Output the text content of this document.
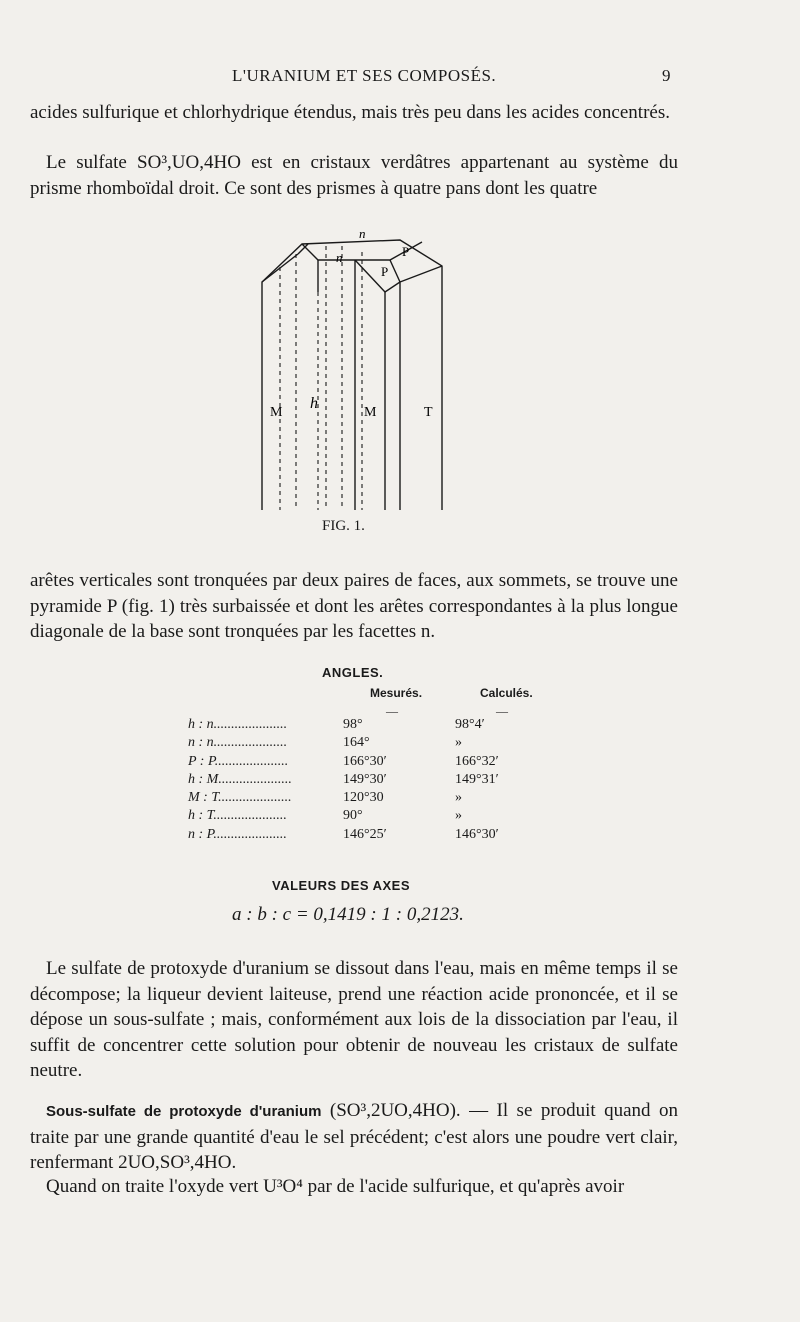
L'URANIUM ET SES COMPOSÉS.	9

acides sulfurique et chlorhydrique étendus, mais très peu dans les acides concentrés.

Le sulfate SO³,UO,4HO est en cristaux verdâtres appartenant au système du prisme rhomboïdal droit. Ce sont des prismes à quatre pans dont les quatre

n
n
P
P
M
h
M	T
FIG. 1.

arêtes verticales sont tronquées par deux paires de faces, aux sommets, se trouve une pyramide P (fig. 1) très surbaissée et dont les arêtes correspondantes à la plus longue diagonale de la base sont tronquées par les facettes n.

ANGLES.
Mesurés.	Calculés.
—	—
h : n.....................	98°	98°4′
n : n.....................	164°	»
P : P.....................	166°30′	166°32′
h : M.....................	149°30′	149°31′
M : T.....................	120°30	»
h : T.....................	90°	»
n : P.....................	146°25′	146°30′
VALEURS DES AXES
a : b : c = 0,1419 : 1 : 0,2123.

Le sulfate de protoxyde d'uranium se dissout dans l'eau, mais en même temps il se décompose; la liqueur devient laiteuse, prend une réaction acide prononcée, et il se dépose un sous-sulfate ; mais, conformément aux lois de la dissociation par l'eau, il suffit de concentrer cette solution pour obtenir de nouveau les cristaux de sulfate neutre.

Sous-sulfate de protoxyde d'uranium (SO³,2UO,4HO). — Il se produit quand on traite par une grande quantité d'eau le sel précédent; c'est alors une poudre vert clair, renfermant 2UO,SO³,4HO.

Quand on traite l'oxyde vert U³O⁴ par de l'acide sulfurique, et qu'après avoir
